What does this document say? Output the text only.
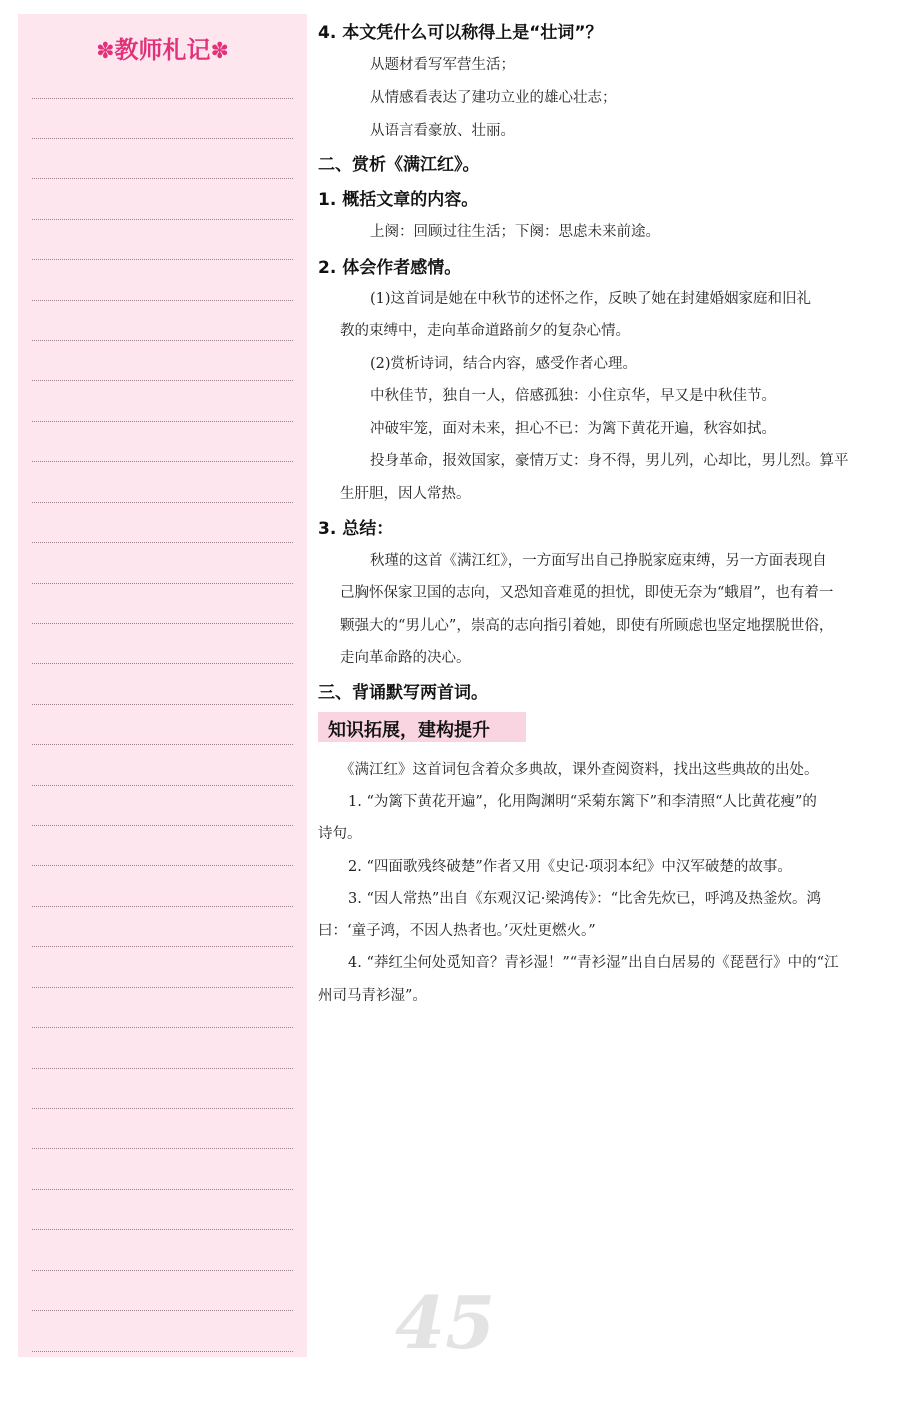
✽教师札记✽
4. 本文凭什么可以称得上是“壮词”？
从题材看写军营生活；
从情感看表达了建功立业的雄心壮志；
从语言看豪放、壮丽。
二、赏析《满江红》。
1. 概括文章的内容。
上阕：回顾过往生活；下阕：思虑未来前途。
2. 体会作者感情。
(1)这首词是她在中秋节的述怀之作，反映了她在封建婚姻家庭和旧礼
教的束缚中，走向革命道路前夕的复杂心情。
(2)赏析诗词，结合内容，感受作者心理。
中秋佳节，独自一人，倍感孤独：小住京华，早又是中秋佳节。
冲破牢笼，面对未来，担心不已：为篱下黄花开遍，秋容如拭。
投身革命，报效国家，豪情万丈：身不得，男儿列，心却比，男儿烈。算平
生肝胆，因人常热。
3. 总结：
秋瑾的这首《满江红》，一方面写出自己挣脱家庭束缚，另一方面表现自
己胸怀保家卫国的志向，又恐知音难觅的担忧，即使无奈为“蛾眉”，也有着一
颗强大的“男儿心”，崇高的志向指引着她，即使有所顾虑也坚定地摆脱世俗，
走向革命路的决心。
三、背诵默写两首词。
知识拓展，建构提升
《满江红》这首词包含着众多典故，课外查阅资料，找出这些典故的出处。
1. “为篱下黄花开遍”，化用陶渊明“采菊东篱下”和李清照“人比黄花瘦”的
诗句。
2. “四面歌残终破楚”作者又用《史记·项羽本纪》中汉军破楚的故事。
3. “因人常热”出自《东观汉记·梁鸿传》：“比舍先炊已，呼鸿及热釜炊。鸿
曰：‘童子鸿，不因人热者也。’灭灶更燃火。”
4. “莽红尘何处觅知音？青衫湿！”“青衫湿”出自白居易的《琵琶行》中的“江
州司马青衫湿”。
45
